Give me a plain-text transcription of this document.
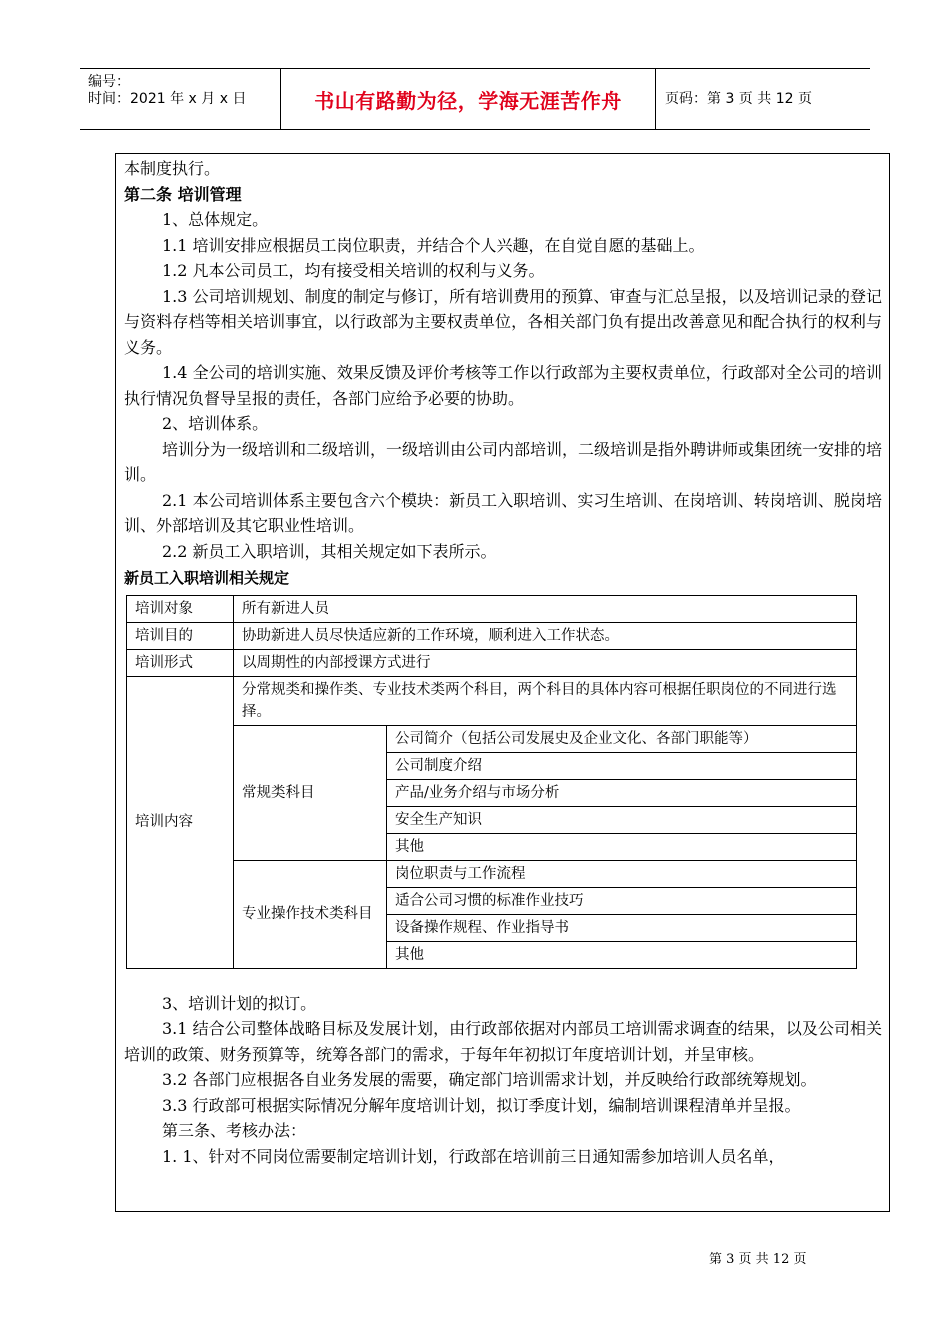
编号：
时间：2021 年 x 月 x 日	书山有路勤为径，学海无涯苦作舟	页码：第 3 页 共 12 页

本制度执行。

第二条 培训管理

1、总体规定。

1.1 培训安排应根据员工岗位职责，并结合个人兴趣，在自觉自愿的基础上。

1.2 凡本公司员工，均有接受相关培训的权利与义务。

1.3 公司培训规划、制度的制定与修订，所有培训费用的预算、审查与汇总呈报，以及培训记录的登记与资料存档等相关培训事宜，以行政部为主要权责单位，各相关部门负有提出改善意见和配合执行的权利与义务。

1.4 全公司的培训实施、效果反馈及评价考核等工作以行政部为主要权责单位，行政部对全公司的培训执行情况负督导呈报的责任，各部门应给予必要的协助。

2、培训体系。

培训分为一级培训和二级培训，一级培训由公司内部培训，二级培训是指外聘讲师或集团统一安排的培训。

2.1 本公司培训体系主要包含六个模块：新员工入职培训、实习生培训、在岗培训、转岗培训、脱岗培训、外部培训及其它职业性培训。

2.2 新员工入职培训，其相关规定如下表所示。

新员工入职培训相关规定

培训对象	所有新进人员	
培训目的	协助新进人员尽快适应新的工作环境，顺利进入工作状态。	
培训形式	以周期性的内部授课方式进行	
培训内容	分常规类和操作类、专业技术类两个科目，两个科目的具体内容可根据任职岗位的不同进行选择。	
	常规类科目	公司简介（包括公司发展史及企业文化、各部门职能等）
		公司制度介绍
		产品/业务介绍与市场分析
		安全生产知识
		其他
	专业操作技术类科目	岗位职责与工作流程
		适合公司习惯的标准作业技巧
		设备操作规程、作业指导书
		其他

3、培训计划的拟订。

3.1 结合公司整体战略目标及发展计划，由行政部依据对内部员工培训需求调查的结果，以及公司相关培训的政策、财务预算等，统筹各部门的需求，于每年年初拟订年度培训计划，并呈审核。

3.2 各部门应根据各自业务发展的需要，确定部门培训需求计划，并反映给行政部统筹规划。

3.3 行政部可根据实际情况分解年度培训计划，拟订季度计划，编制培训课程清单并呈报。

第三条、考核办法：

1. 1、针对不同岗位需要制定培训计划，行政部在培训前三日通知需参加培训人员名单，

第 3 页 共 12 页
